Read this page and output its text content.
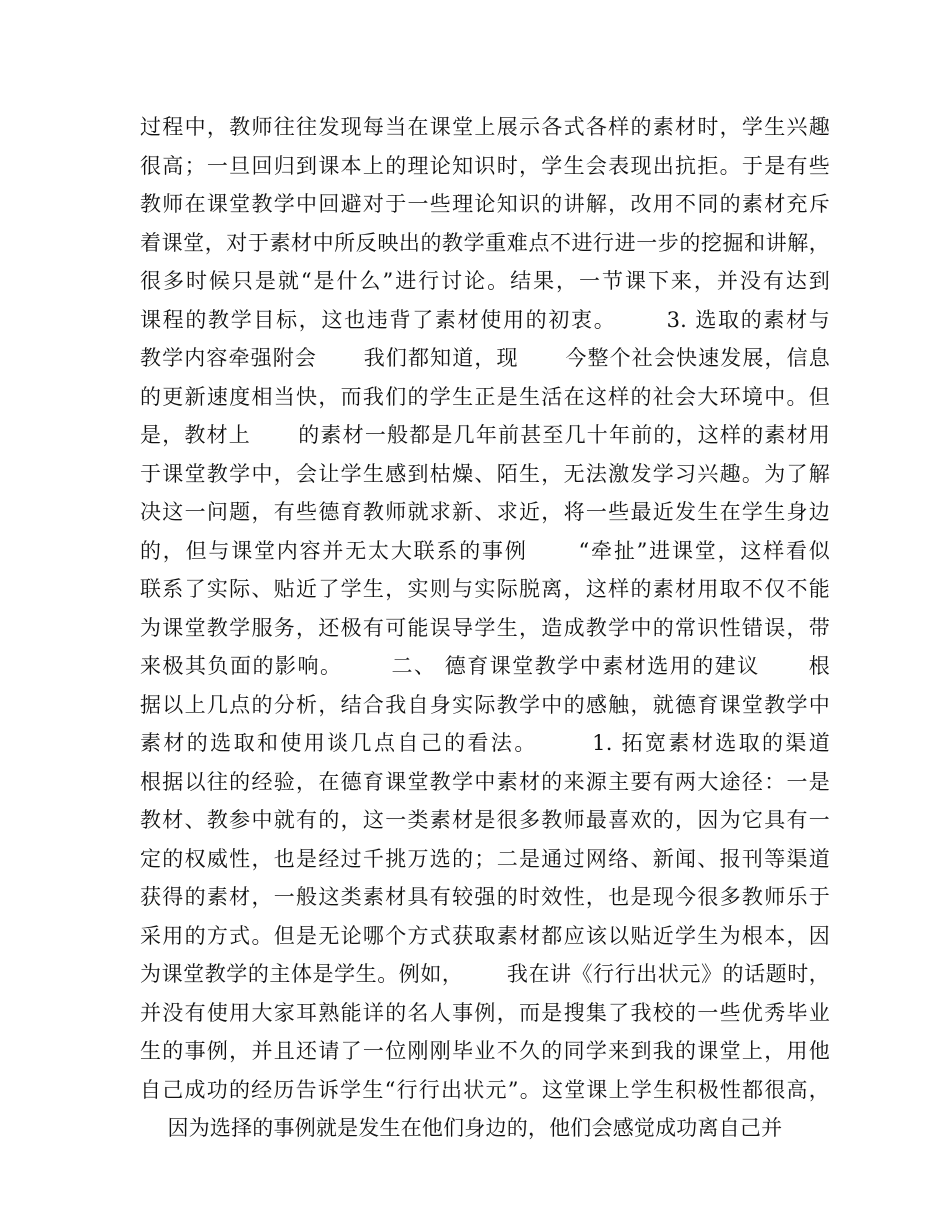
过程中，教师往往发现每当在课堂上展示各式各样的素材时，学生兴趣
很高；一旦回归到课本上的理论知识时，学生会表现出抗拒。于是有些
教师在课堂教学中回避对于一些理论知识的讲解，改用不同的素材充斥
着课堂，对于素材中所反映出的教学重难点不进行进一步的挖掘和讲解，
很多时候只是就“是什么”进行讨论。结果，一节课下来，并没有达到
课程的教学目标，这也违背了素材使用的初衷。      3. 选取的素材与
教学内容牵强附会      我们都知道，现      今整个社会快速发展，信息
的更新速度相当快，而我们的学生正是生活在这样的社会大环境中。但
是，教材上      的素材一般都是几年前甚至几十年前的，这样的素材用
于课堂教学中，会让学生感到枯燥、陌生，无法激发学习兴趣。为了解
决这一问题，有些德育教师就求新、求近，将一些最近发生在学生身边
的，但与课堂内容并无太大联系的事例      “牵扯”进课堂，这样看似
联系了实际、贴近了学生，实则与实际脱离，这样的素材用取不仅不能
为课堂教学服务，还极有可能误导学生，造成教学中的常识性错误，带
来极其负面的影响。      二、 德育课堂教学中素材选用的建议      根
据以上几点的分析，结合我自身实际教学中的感触，就德育课堂教学中
素材的选取和使用谈几点自己的看法。      1. 拓宽素材选取的渠道
根据以往的经验，在德育课堂教学中素材的来源主要有两大途径：一是
教材、教参中就有的，这一类素材是很多教师最喜欢的，因为它具有一
定的权威性，也是经过千挑万选的；二是通过网络、新闻、报刊等渠道
获得的素材，一般这类素材具有较强的时效性，也是现今很多教师乐于
采用的方式。但是无论哪个方式获取素材都应该以贴近学生为根本，因
为课堂教学的主体是学生。例如，      我在讲《行行出状元》的话题时，
并没有使用大家耳熟能详的名人事例，而是搜集了我校的一些优秀毕业
生的事例，并且还请了一位刚刚毕业不久的同学来到我的课堂上，用他
自己成功的经历告诉学生“行行出状元”。这堂课上学生积极性都很高，
因为选择的事例就是发生在他们身边的，他们会感觉成功离自己并
